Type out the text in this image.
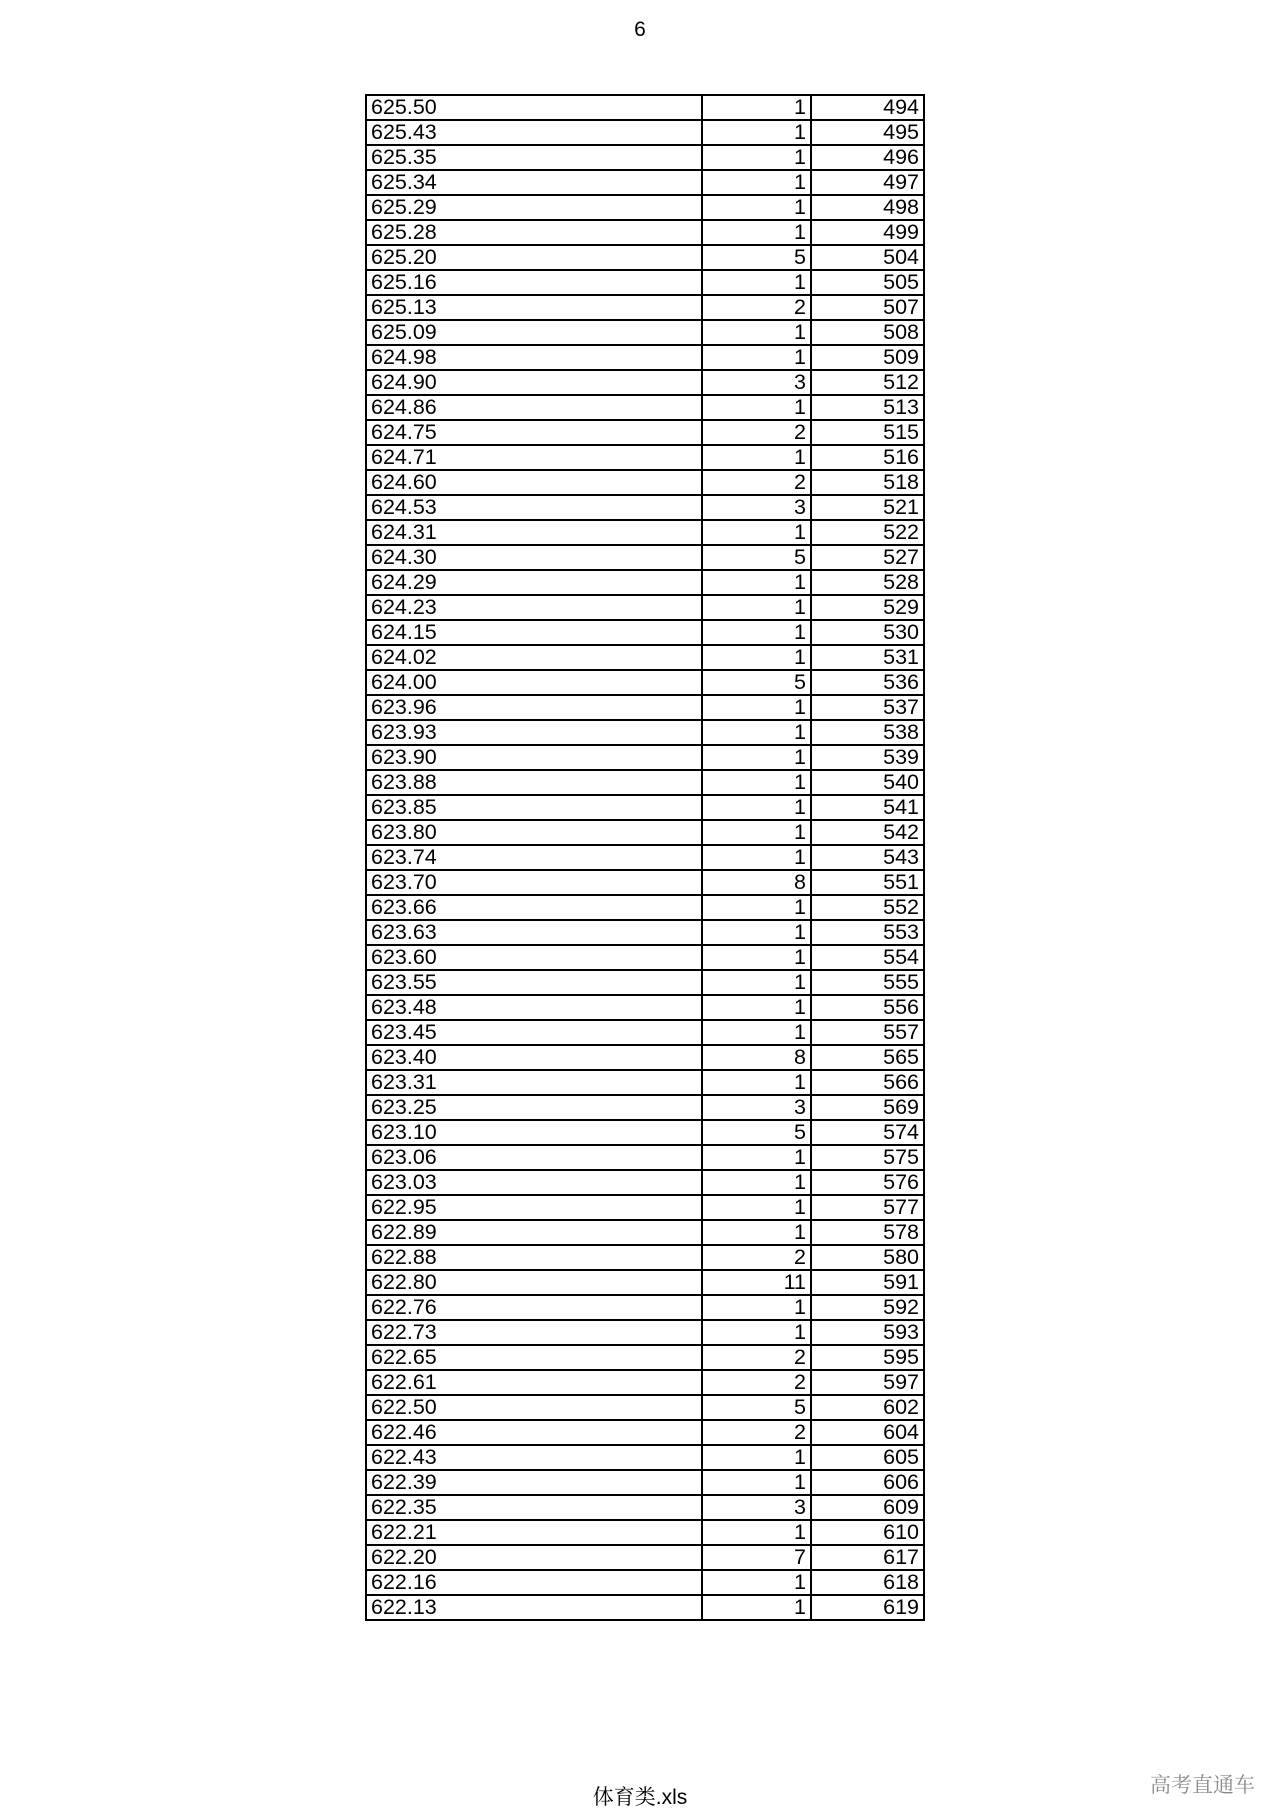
6
625.50	1	494
625.43	1	495
625.35	1	496
625.34	1	497
625.29	1	498
625.28	1	499
625.20	5	504
625.16	1	505
625.13	2	507
625.09	1	508
624.98	1	509
624.90	3	512
624.86	1	513
624.75	2	515
624.71	1	516
624.60	2	518
624.53	3	521
624.31	1	522
624.30	5	527
624.29	1	528
624.23	1	529
624.15	1	530
624.02	1	531
624.00	5	536
623.96	1	537
623.93	1	538
623.90	1	539
623.88	1	540
623.85	1	541
623.80	1	542
623.74	1	543
623.70	8	551
623.66	1	552
623.63	1	553
623.60	1	554
623.55	1	555
623.48	1	556
623.45	1	557
623.40	8	565
623.31	1	566
623.25	3	569
623.10	5	574
623.06	1	575
623.03	1	576
622.95	1	577
622.89	1	578
622.88	2	580
622.80	11	591
622.76	1	592
622.73	1	593
622.65	2	595
622.61	2	597
622.50	5	602
622.46	2	604
622.43	1	605
622.39	1	606
622.35	3	609
622.21	1	610
622.20	7	617
622.16	1	618
622.13	1	619
体育类.xls
高考直通车
